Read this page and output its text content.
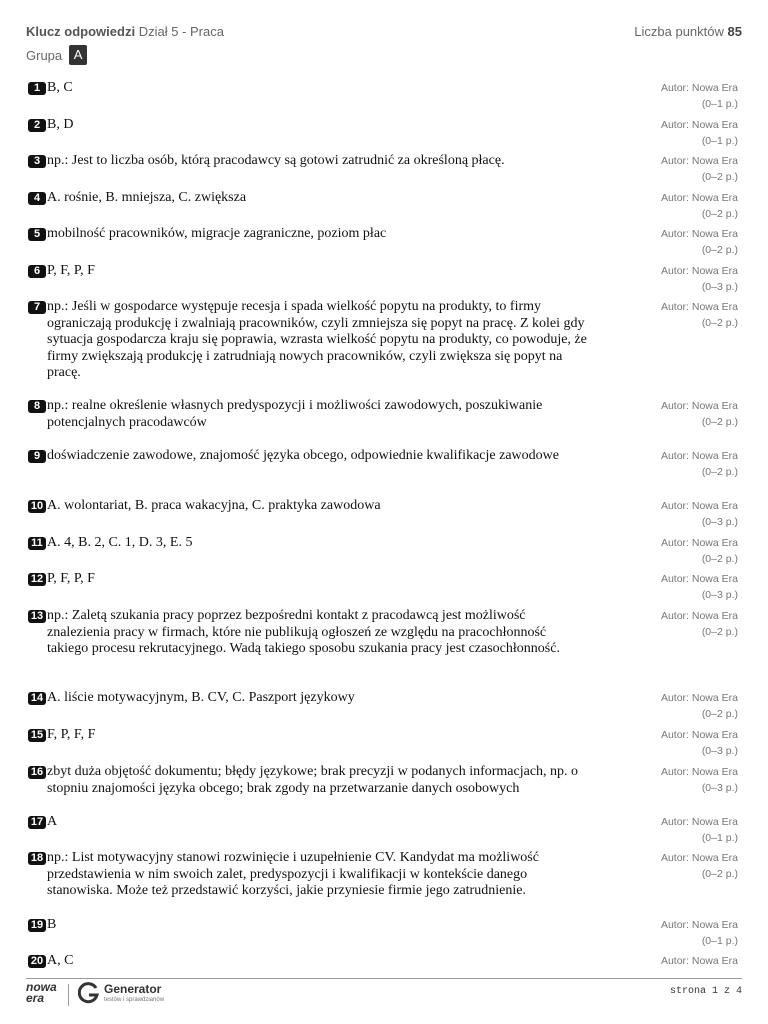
Klucz odpowiedzi Dział 5 - Praca	Liczba punktów 85
Grupa A
1 B, C	Autor: Nowa Era
(0–1 p.)
2 B, D	Autor: Nowa Era
(0–1 p.)
3 np.: Jest to liczba osób, którą pracodawcy są gotowi zatrudnić za określoną płacę.	Autor: Nowa Era
(0–2 p.)
4 A. rośnie, B. mniejsza, C. zwiększa	Autor: Nowa Era
(0–2 p.)
5 mobilność pracowników, migracje zagraniczne, poziom płac	Autor: Nowa Era
(0–2 p.)
6 P, F, P, F	Autor: Nowa Era
(0–3 p.)
7 np.: Jeśli w gospodarce występuje recesja i spada wielkość popytu na produkty, to firmy ograniczają produkcję i zwalniają pracowników, czyli zmniejsza się popyt na pracę. Z kolei gdy sytuacja gospodarcza kraju się poprawia, wzrasta wielkość popytu na produkty, co powoduje, że firmy zwiększają produkcję i zatrudniają nowych pracowników, czyli zwiększa się popyt na pracę.
Autor: Nowa Era
(0–2 p.)
8 np.: realne określenie własnych predyspozycji i możliwości zawodowych, poszukiwanie potencjalnych pracodawców
Autor: Nowa Era
(0–2 p.)
9 doświadczenie zawodowe, znajomość języka obcego, odpowiednie kwalifikacje zawodowe	Autor: Nowa Era
(0–2 p.)
10 A. wolontariat, B. praca wakacyjna, C. praktyka zawodowa	Autor: Nowa Era
(0–3 p.)
11 A. 4, B. 2, C. 1, D. 3, E. 5	Autor: Nowa Era
(0–2 p.)
12 P, F, P, F	Autor: Nowa Era
(0–3 p.)
13 np.: Zaletą szukania pracy poprzez bezpośredni kontakt z pracodawcą jest możliwość znalezienia pracy w firmach, które nie publikują ogłoszeń ze względu na pracochłonność takiego procesu rekrutacyjnego. Wadą takiego sposobu szukania pracy jest czasochłonność.
Autor: Nowa Era
(0–2 p.)
14 A. liście motywacyjnym, B. CV, C. Paszport językowy	Autor: Nowa Era
(0–2 p.)
15 F, P, F, F	Autor: Nowa Era
(0–3 p.)
16 zbyt duża objętość dokumentu; błędy językowe; brak precyzji w podanych informacjach, np. o stopniu znajomości języka obcego; brak zgody na przetwarzanie danych osobowych
Autor: Nowa Era
(0–3 p.)
17 A	Autor: Nowa Era
(0–1 p.)
18 np.: List motywacyjny stanowi rozwinięcie i uzupełnienie CV. Kandydat ma możliwość przedstawienia w nim swoich zalet, predyspozycji i kwalifikacji w kontekście danego stanowiska. Może też przedstawić korzyści, jakie przyniesie firmie jego zatrudnienie.
Autor: Nowa Era
(0–2 p.)
19 B	Autor: Nowa Era
(0–1 p.)
20 A, C	Autor: Nowa Era
nowa
era
Generator
testów i sprawdzianów
strona 1 z 4
